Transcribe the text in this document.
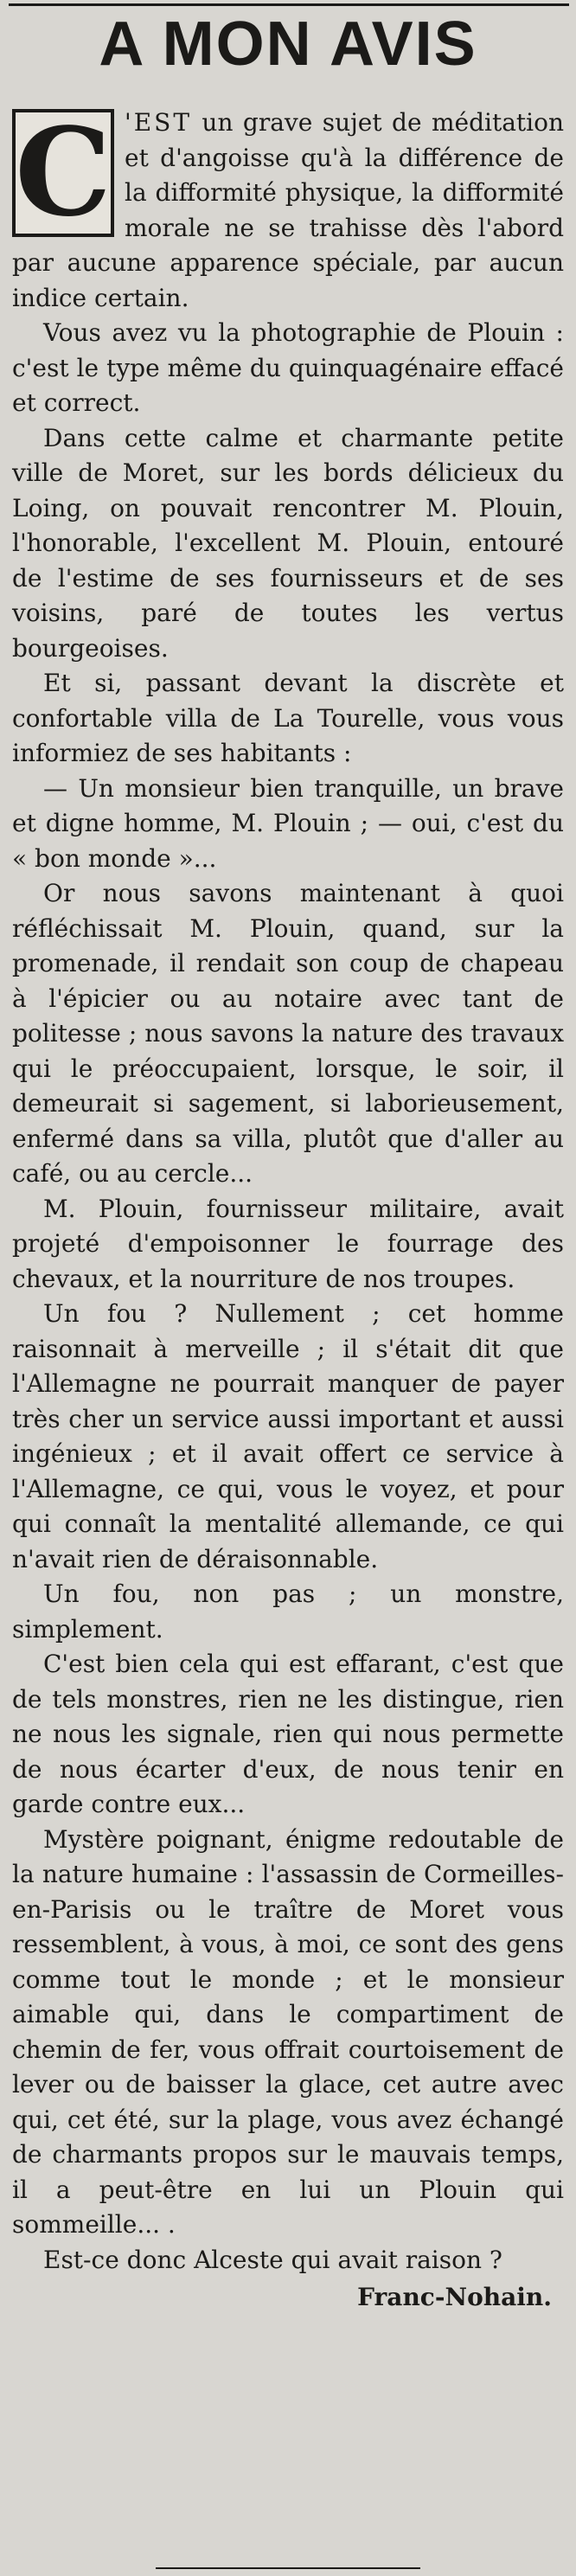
A MON AVIS

C 'EST un grave sujet de méditation et d'angoisse qu'à la différence de la difformité physique, la difformité morale ne se trahisse dès l'abord par aucune apparence spéciale, par aucun indice certain.

Vous avez vu la photographie de Plouin : c'est le type même du quinquagénaire effacé et correct.

Dans cette calme et charmante petite ville de Moret, sur les bords délicieux du Loing, on pouvait rencontrer M. Plouin, l'honorable, l'excellent M. Plouin, entouré de l'estime de ses fournisseurs et de ses voisins, paré de toutes les vertus bourgeoises.

Et si, passant devant la discrète et confortable villa de La Tourelle, vous vous informiez de ses habitants :

— Un monsieur bien tranquille, un brave et digne homme, M. Plouin ; — oui, c'est du « bon monde »...

Or nous savons maintenant à quoi réfléchissait M. Plouin, quand, sur la promenade, il rendait son coup de chapeau à l'épicier ou au notaire avec tant de politesse ; nous savons la nature des travaux qui le préoccupaient, lorsque, le soir, il demeurait si sagement, si laborieusement, enfermé dans sa villa, plutôt que d'aller au café, ou au cercle...

M. Plouin, fournisseur militaire, avait projeté d'empoisonner le fourrage des chevaux, et la nourriture de nos troupes.

Un fou ? Nullement ; cet homme raisonnait à merveille ; il s'était dit que l'Allemagne ne pourrait manquer de payer très cher un service aussi important et aussi ingénieux ; et il avait offert ce service à l'Allemagne, ce qui, vous le voyez, et pour qui connaît la mentalité allemande, ce qui n'avait rien de déraisonnable.

Un fou, non pas ; un monstre, simplement.

C'est bien cela qui est effarant, c'est que de tels monstres, rien ne les distingue, rien ne nous les signale, rien qui nous permette de nous écarter d'eux, de nous tenir en garde contre eux...

Mystère poignant, énigme redoutable de la nature humaine : l'assassin de Cormeilles-en-Parisis ou le traître de Moret vous ressemblent, à vous, à moi, ce sont des gens comme tout le monde ; et le monsieur aimable qui, dans le compartiment de chemin de fer, vous offrait courtoisement de lever ou de baisser la glace, cet autre avec qui, cet été, sur la plage, vous avez échangé de charmants propos sur le mauvais temps, il a peut-être en lui un Plouin qui sommeille... .

Est-ce donc Alceste qui avait raison ?

Franc-Nohain.
